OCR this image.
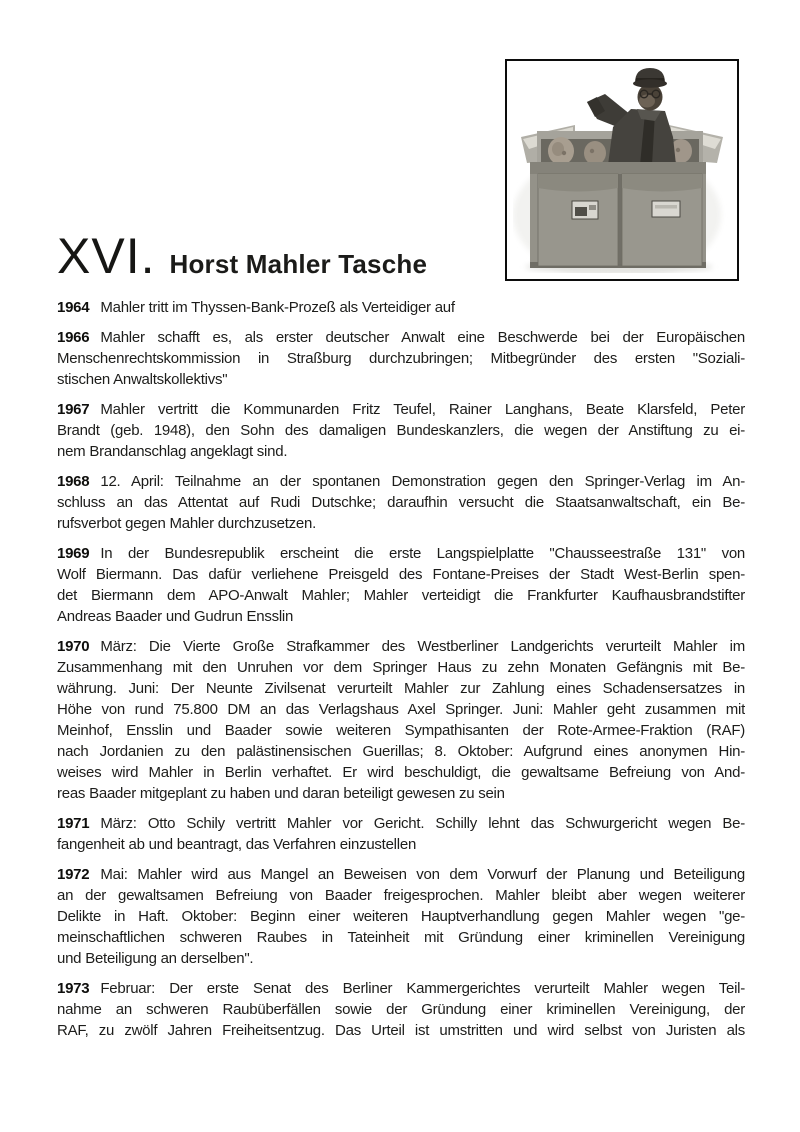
XVI. Horst Mahler Tasche
1964 Mahler tritt im Thyssen-Bank-Prozeß als Verteidiger auf
1966 Mahler schafft es, als erster deutscher Anwalt eine Beschwerde bei der Europäischen
Menschenrechtskommission in Straßburg durchzubringen; Mitbegründer des ersten "Soziali-
stischen Anwaltskollektivs"
1967 Mahler vertritt die Kommunarden Fritz Teufel, Rainer Langhans, Beate Klarsfeld, Peter
Brandt (geb. 1948), den Sohn des damaligen Bundeskanzlers, die wegen der Anstiftung zu ei-
nem Brandanschlag angeklagt sind.
1968 12. April: Teilnahme an der spontanen Demonstration gegen den Springer-Verlag im An-
schluss an das Attentat auf Rudi Dutschke; daraufhin versucht die Staatsanwaltschaft, ein Be-
rufsverbot gegen Mahler durchzusetzen.
1969 In der Bundesrepublik erscheint die erste Langspielplatte "Chausseestraße 131" von
Wolf Biermann. Das dafür verliehene Preisgeld des Fontane-Preises der Stadt West-Berlin spen-
det Biermann dem APO-Anwalt Mahler; Mahler verteidigt die Frankfurter Kaufhausbrandstifter
Andreas Baader und Gudrun Ensslin
1970 März: Die Vierte Große Strafkammer des Westberliner Landgerichts verurteilt Mahler im
Zusammenhang mit den Unruhen vor dem Springer Haus zu zehn Monaten Gefängnis mit Be-
währung. Juni: Der Neunte Zivilsenat verurteilt Mahler zur Zahlung eines Schadensersatzes in
Höhe von rund 75.800 DM an das Verlagshaus Axel Springer. Juni: Mahler geht zusammen mit
Meinhof, Ensslin und Baader sowie weiteren Sympathisanten der Rote-Armee-Fraktion (RAF)
nach Jordanien zu den palästinensischen Guerillas; 8. Oktober: Aufgrund eines anonymen Hin-
weises wird Mahler in Berlin verhaftet. Er wird beschuldigt, die gewaltsame Befreiung von And-
reas Baader mitgeplant zu haben und daran beteiligt gewesen zu sein
1971 März: Otto Schily vertritt Mahler vor Gericht. Schilly lehnt das Schwurgericht wegen Be-
fangenheit ab und beantragt, das Verfahren einzustellen
1972 Mai: Mahler wird aus Mangel an Beweisen von dem Vorwurf der Planung und Beteiligung
an der gewaltsamen Befreiung von Baader freigesprochen. Mahler bleibt aber wegen weiterer
Delikte in Haft. Oktober: Beginn einer weiteren Hauptverhandlung gegen Mahler wegen "ge-
meinschaftlichen schweren Raubes in Tateinheit mit Gründung einer kriminellen Vereinigung
und Beteiligung an derselben".
1973 Februar: Der erste Senat des Berliner Kammergerichtes verurteilt Mahler wegen Teil-
nahme an schweren Raubüberfällen sowie der Gründung einer kriminellen Vereinigung, der
RAF, zu zwölf Jahren Freiheitsentzug. Das Urteil ist umstritten und wird selbst von Juristen als
